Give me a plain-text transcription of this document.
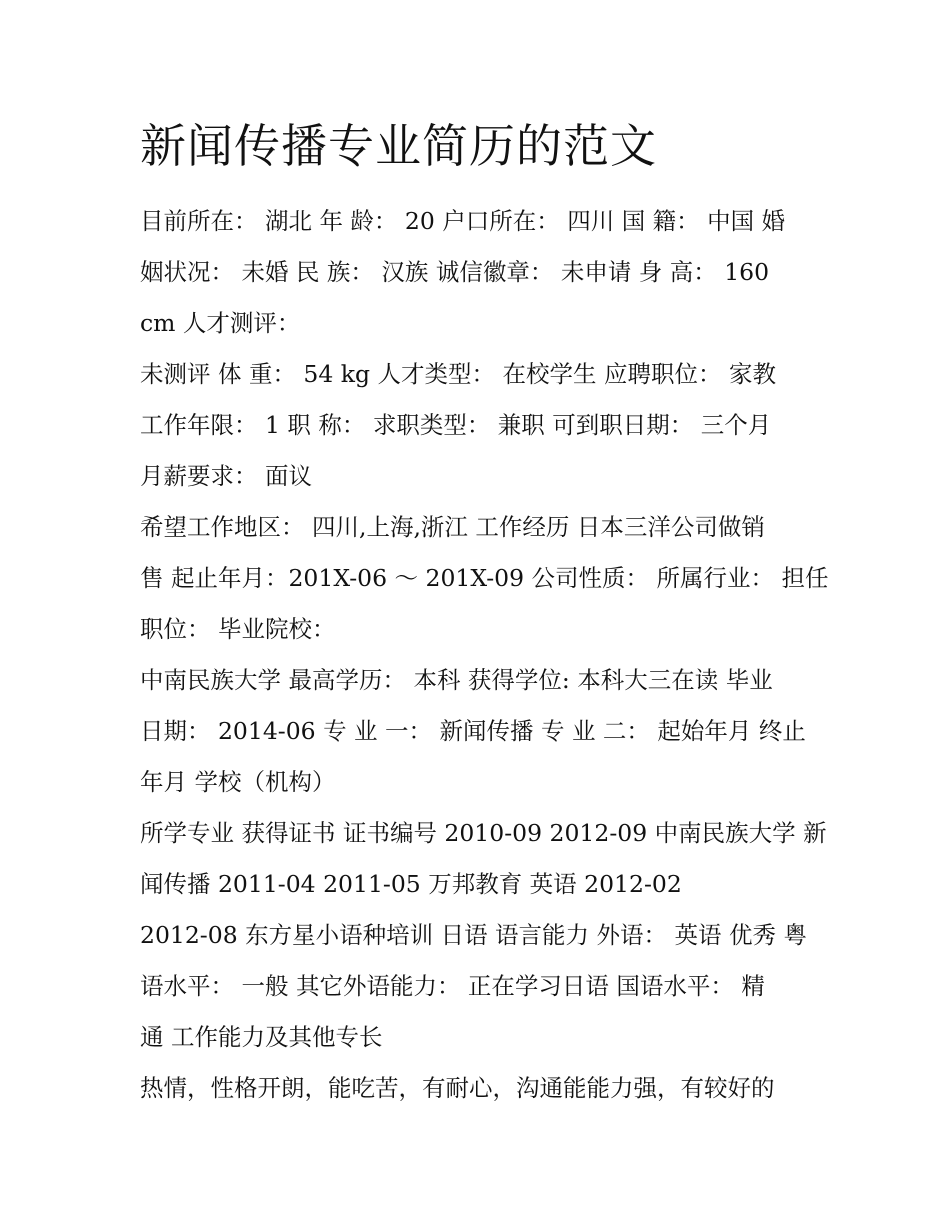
新闻传播专业简历的范文

目前所在： 湖北 年 龄： 20 户口所在： 四川 国 籍： 中国 婚

姻状况： 未婚 民 族： 汉族 诚信徽章： 未申请 身 高： 160

cm 人才测评：

未测评 体 重： 54 kg 人才类型： 在校学生 应聘职位： 家教

工作年限： 1 职 称： 求职类型： 兼职 可到职日期： 三个月

月薪要求： 面议

希望工作地区： 四川,上海,浙江 工作经历 日本三洋公司做销

售 起止年月：201X-06 ～ 201X-09 公司性质： 所属行业： 担任

职位： 毕业院校：

中南民族大学 最高学历： 本科 获得学位: 本科大三在读 毕业

日期： 2014-06 专 业 一： 新闻传播 专 业 二： 起始年月 终止

年月 学校（机构）

所学专业 获得证书 证书编号 2010-09 2012-09 中南民族大学 新

闻传播 2011-04 2011-05 万邦教育 英语 2012-02

2012-08 东方星小语种培训 日语 语言能力 外语： 英语 优秀 粤

语水平： 一般 其它外语能力： 正在学习日语 国语水平： 精

通 工作能力及其他专长

热情，性格开朗，能吃苦，有耐心，沟通能能力强，有较好的
